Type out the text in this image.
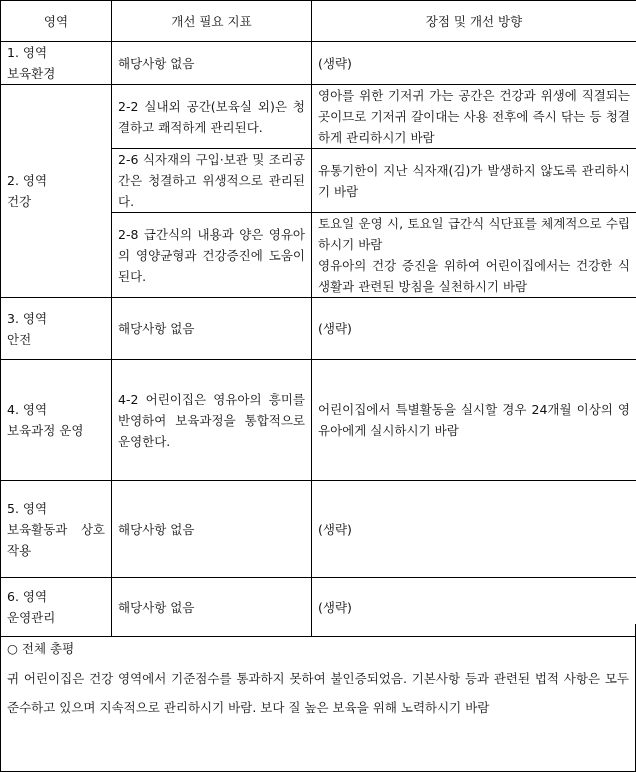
영역	개선 필요 지표	장점 및 개선 방향
1. 영역
보육환경	해당사항 없음	(생략)
2. 영역
건강	2-2 실내외 공간(보육실 외)은 청결하고 쾌적하게 관리된다.	영아를 위한 기저귀 가는 공간은 건강과 위생에 직결되는 곳이므로 기저귀 갈이대는 사용 전후에 즉시 닦는 등 청결하게 관리하시기 바람
	2-6 식자재의 구입·보관 및 조리공간은 청결하고 위생적으로 관리된다.	유통기한이 지난 식자재(김)가 발생하지 않도록 관리하시기 바람
	2-8 급간식의 내용과 양은 영유아의 영양균형과 건강증진에 도움이 된다.	토요일 운영 시, 토요일 급간식 식단표를 체계적으로 수립하시기 바람
영유아의 건강 증진을 위하여 어린이집에서는 건강한 식생활과 관련된 방침을 실천하시기 바람
3. 영역
안전	해당사항 없음	(생략)
4. 영역
보육과정 운영	4-2 어린이집은 영유아의 흥미를 반영하여 보육과정을 통합적으로 운영한다.	어린이집에서 특별활동을 실시할 경우 24개월 이상의 영유아에게 실시하시기 바람
5. 영역
보육활동과 상호작용	해당사항 없음	(생략)
6. 영역
운영관리	해당사항 없음	(생략)
○ 전체 총평
귀 어린이집은 건강 영역에서 기준점수를 통과하지 못하여 불인증되었음. 기본사항 등과 관련된 법적 사항은 모두 준수하고 있으며 지속적으로 관리하시기 바람. 보다 질 높은 보육을 위해 노력하시기 바람
